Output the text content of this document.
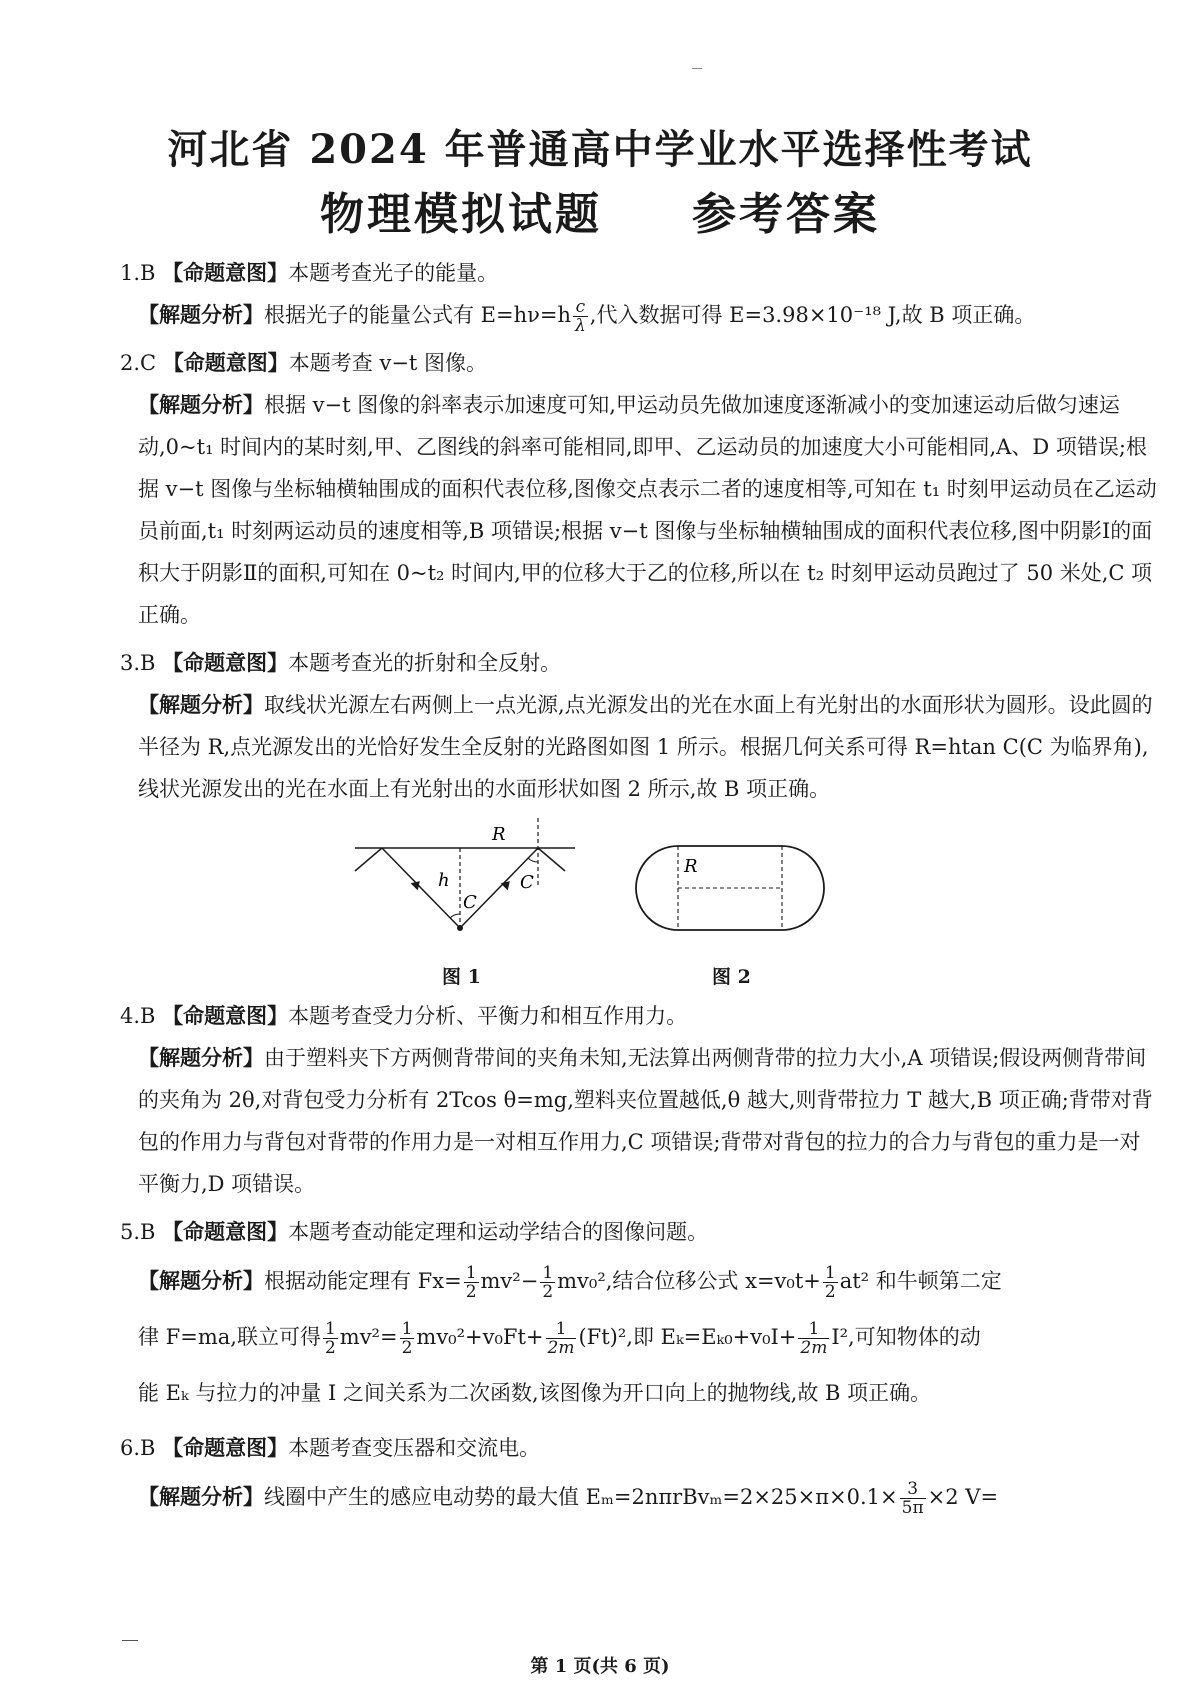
河北省 2024 年普通高中学业水平选择性考试
物理模拟试题 参考答案

1.B 【命题意图】本题考查光子的能量。

【解题分析】根据光子的能量公式有 $E=h\nu=h \frac{c}{\lambda}$ ,代入数据可得 E=3.98×10⁻¹⁸ J,故 B 项正确。

2.C 【命题意图】本题考查 v−t 图像。

【解题分析】根据 v−t 图像的斜率表示加速度可知,甲运动员先做加速度逐渐减小的变加速运动后做匀速运动,0~t₁ 时间内的某时刻,甲、乙图线的斜率可能相同,即甲、乙运动员的加速度大小可能相同,A、D 项错误;根据 v−t 图像与坐标轴横轴围成的面积代表位移,图像交点表示二者的速度相等,可知在 t₁ 时刻甲运动员在乙运动员前面,t₁ 时刻两运动员的速度相等,B 项错误;根据 v−t 图像与坐标轴横轴围成的面积代表位移,图中阴影Ⅰ的面积大于阴影Ⅱ的面积,可知在 0~t₂ 时间内,甲的位移大于乙的位移,所以在 t₂ 时刻甲运动员跑过了 50 米处,C 项正确。

3.B 【命题意图】本题考查光的折射和全反射。

【解题分析】取线状光源左右两侧上一点光源,点光源发出的光在水面上有光射出的水面形状为圆形。设此圆的半径为 R,点光源发出的光恰好发生全反射的光路图如图 1 所示。根据几何关系可得 R=htan C(C 为临界角),线状光源发出的光在水面上有光射出的水面形状如图 2 所示,故 B 项正确。

R
h
C
C
图 1
R
图 2

4.B 【命题意图】本题考查受力分析、平衡力和相互作用力。

【解题分析】由于塑料夹下方两侧背带间的夹角未知,无法算出两侧背带的拉力大小,A 项错误;假设两侧背带间的夹角为 2θ,对背包受力分析有 2Tcos θ=mg,塑料夹位置越低,θ 越大,则背带拉力 T 越大,B 项正确;背带对背包的作用力与背包对背带的作用力是一对相互作用力,C 项错误;背带对背包的拉力的合力与背包的重力是一对平衡力,D 项错误。

5.B 【命题意图】本题考查动能定理和运动学结合的图像问题。

【解题分析】根据动能定理有 $Fx= \frac{1}{2} mv^2- \frac{1}{2} mv_0^2$,结合位移公式 $x=v_0t+ \frac{1}{2} at^2$ 和牛顿第二定
律 F=ma,联立可得 $\frac{1}{2} mv^2= \frac{1}{2} mv_0^2+v_0Ft+ \frac{1}{2m} (Ft)^2$,即 $E_k=E_{k0}+v_0I+ \frac{1}{2m} I^2$,可知物体的动
能 Eₖ 与拉力的冲量 I 之间关系为二次函数,该图像为开口向上的抛物线,故 B 项正确。

6.B 【命题意图】本题考查变压器和交流电。

【解题分析】线圈中产生的感应电动势的最大值 $E_m=2n\pi rBv_m=2\times 25\times\pi\times 0.1\times \frac{3}{5\pi} \times 2$ V=

第 1 页(共 6 页)
